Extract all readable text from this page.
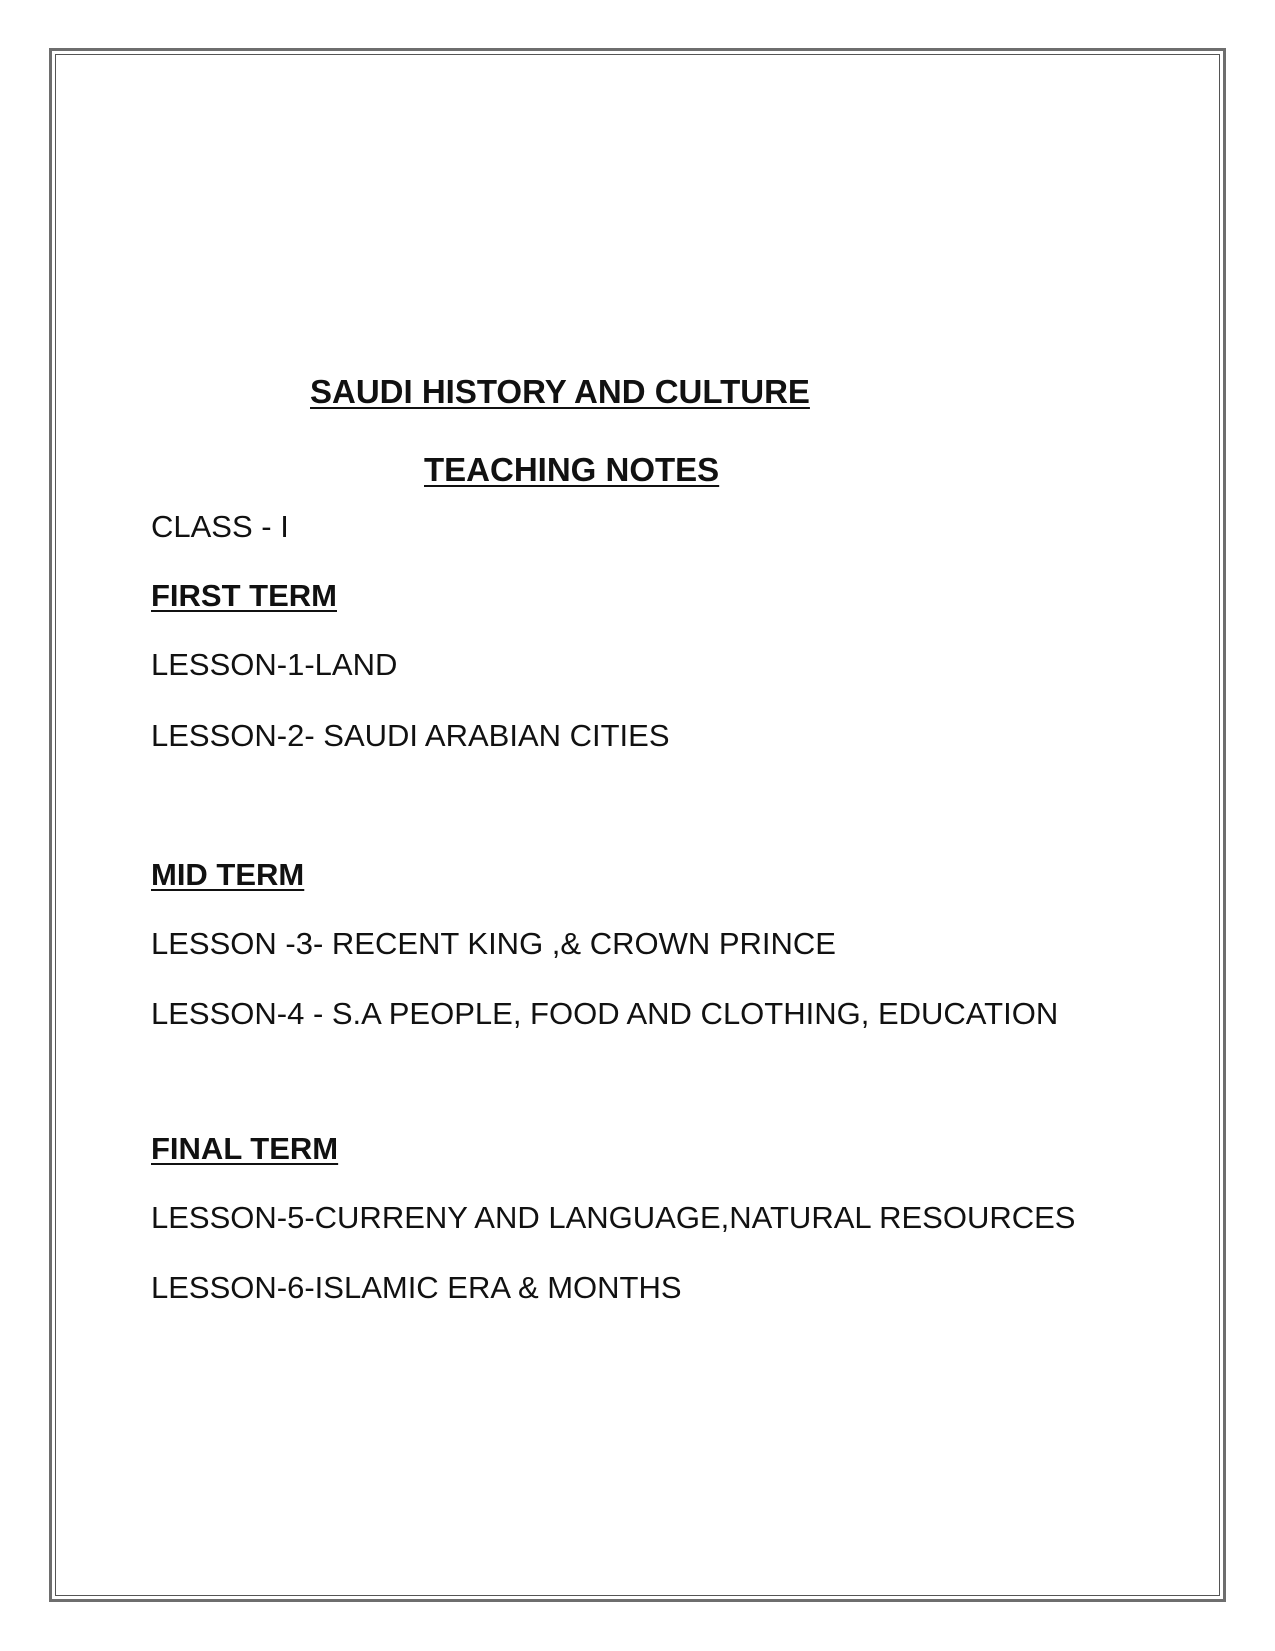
SAUDI HISTORY AND CULTURE
TEACHING NOTES
CLASS - I
FIRST TERM
LESSON-1-LAND
LESSON-2- SAUDI ARABIAN CITIES
MID TERM
LESSON -3- RECENT KING ,& CROWN PRINCE
LESSON-4 - S.A PEOPLE, FOOD AND CLOTHING, EDUCATION
FINAL TERM
LESSON-5-CURRENY AND LANGUAGE,NATURAL RESOURCES
LESSON-6-ISLAMIC ERA & MONTHS
